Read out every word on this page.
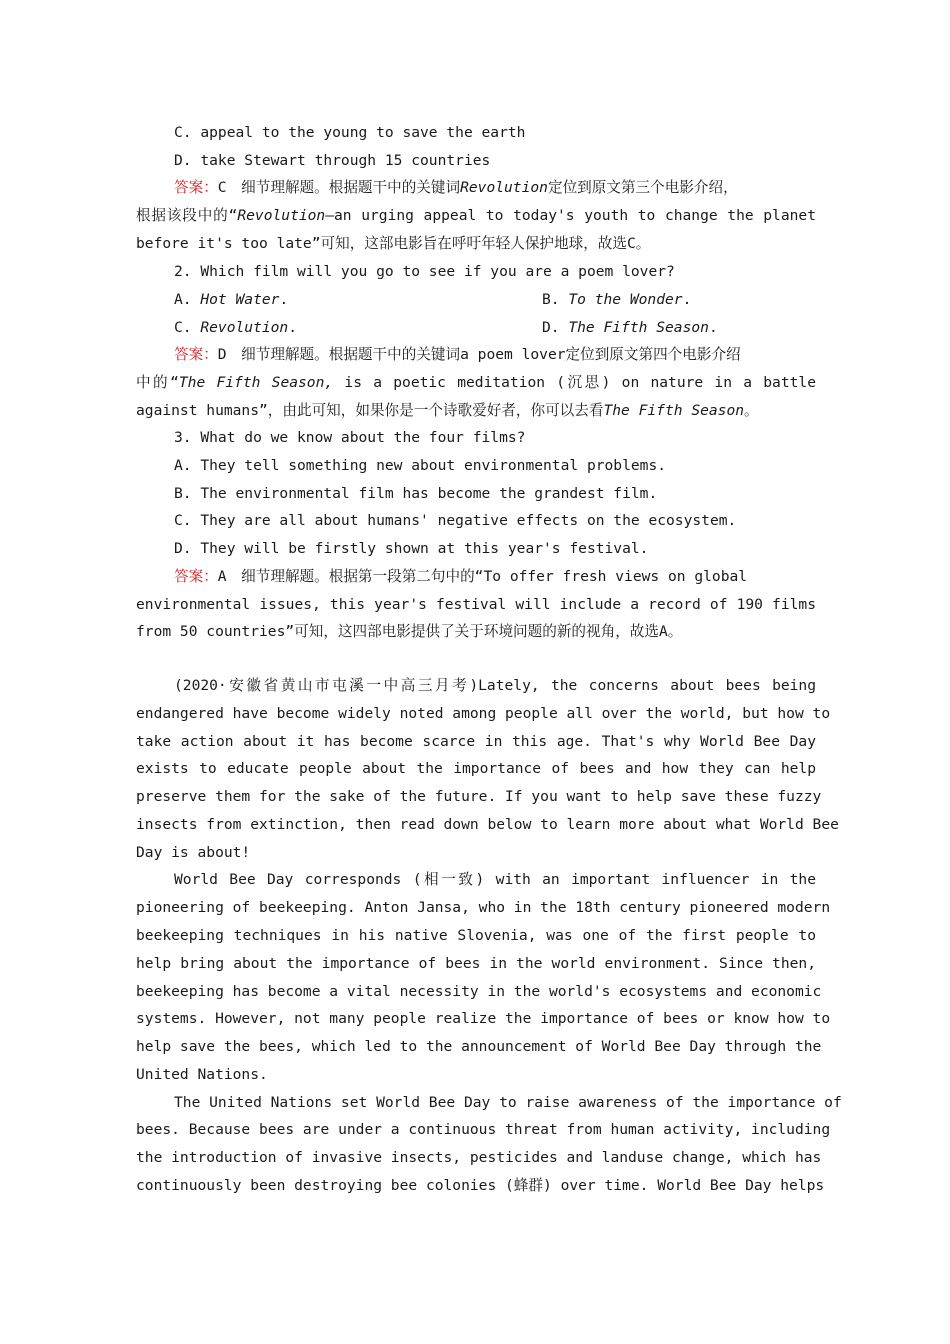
C. appeal to the young to save the earth
D. take Stewart through 15 countries
答案：C　细节理解题。根据题干中的关键词Revolution定位到原文第三个电影介绍，
根据该段中的“Revolution—an urging appeal to today's youth to change the planet
before it's too late”可知，这部电影旨在呼吁年轻人保护地球，故选C。
2. Which film will you go to see if you are a poem lover?
A. Hot Water.	B. To the Wonder.
C. Revolution.	D. The Fifth Season.
答案：D　细节理解题。根据题干中的关键词a poem lover定位到原文第四个电影介绍
中的“The Fifth Season, is a poetic meditation (沉思) on nature in a battle
against humans”，由此可知，如果你是一个诗歌爱好者，你可以去看The Fifth Season。
3. What do we know about the four films?
A. They tell something new about environmental problems.
B. The environmental film has become the grandest film.
C. They are all about humans' negative effects on the ecosystem.
D. They will be firstly shown at this year's festival.
答案：A　细节理解题。根据第一段第二句中的“To offer fresh views on global
environmental issues, this year's festival will include a record of 190 films
from 50 countries”可知，这四部电影提供了关于环境问题的新的视角，故选A。
(2020·安徽省黄山市屯溪一中高三月考)Lately, the concerns about bees being
endangered have become widely noted among people all over the world, but how to
take action about it has become scarce in this age. That's why World Bee Day
exists to educate people about the importance of bees and how they can help
preserve them for the sake of the future. If you want to help save these fuzzy
insects from extinction, then read down below to learn more about what World Bee
Day is about!
World Bee Day corresponds (相一致) with an important influencer in the
pioneering of beekeeping. Anton Jansa, who in the 18th century pioneered modern
beekeeping techniques in his native Slovenia, was one of the first people to
help bring about the importance of bees in the world environment. Since then,
beekeeping has become a vital necessity in the world's ecosystems and economic
systems. However, not many people realize the importance of bees or know how to
help save the bees, which led to the announcement of World Bee Day through the
United Nations.
The United Nations set World Bee Day to raise awareness of the importance of
bees. Because bees are under a continuous threat from human activity, including
the introduction of invasive insects, pesticides and landuse change, which has
continuously been destroying bee colonies (蜂群) over time. World Bee Day helps
